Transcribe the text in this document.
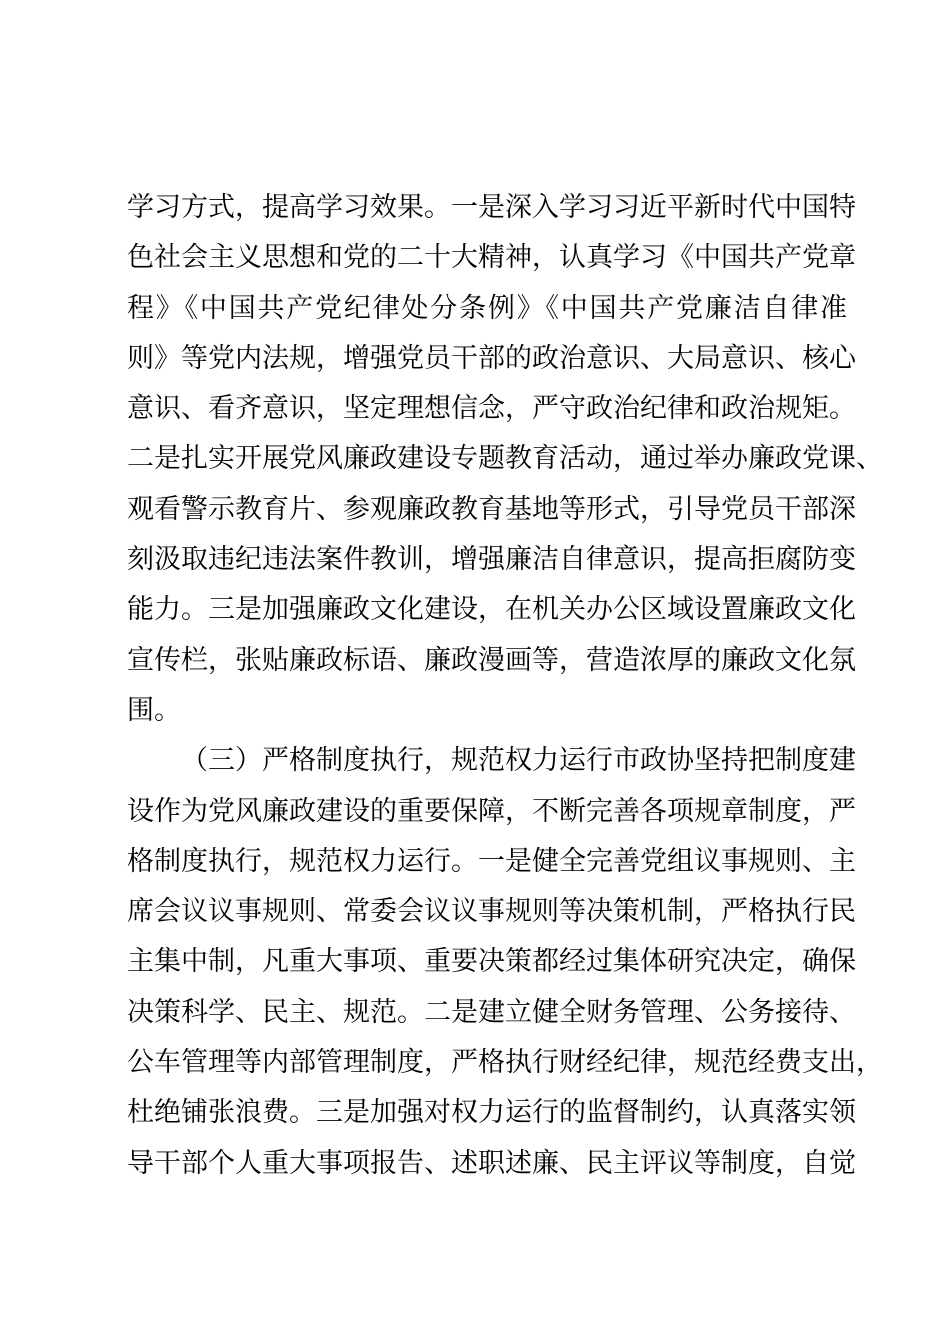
学习方式，提高学习效果。一是深入学习习近平新时代中国特
色社会主义思想和党的二十大精神，认真学习《中国共产党章
程》《中国共产党纪律处分条例》《中国共产党廉洁自律准
则》等党内法规，增强党员干部的政治意识、大局意识、核心
意识、看齐意识，坚定理想信念，严守政治纪律和政治规矩。
二是扎实开展党风廉政建设专题教育活动，通过举办廉政党课、
观看警示教育片、参观廉政教育基地等形式，引导党员干部深
刻汲取违纪违法案件教训，增强廉洁自律意识，提高拒腐防变
能力。三是加强廉政文化建设，在机关办公区域设置廉政文化
宣传栏，张贴廉政标语、廉政漫画等，营造浓厚的廉政文化氛
围。
（三）严格制度执行，规范权力运行市政协坚持把制度建
设作为党风廉政建设的重要保障，不断完善各项规章制度，严
格制度执行，规范权力运行。一是健全完善党组议事规则、主
席会议议事规则、常委会议议事规则等决策机制，严格执行民
主集中制，凡重大事项、重要决策都经过集体研究决定，确保
决策科学、民主、规范。二是建立健全财务管理、公务接待、
公车管理等内部管理制度，严格执行财经纪律，规范经费支出，
杜绝铺张浪费。三是加强对权力运行的监督制约，认真落实领
导干部个人重大事项报告、述职述廉、民主评议等制度，自觉
